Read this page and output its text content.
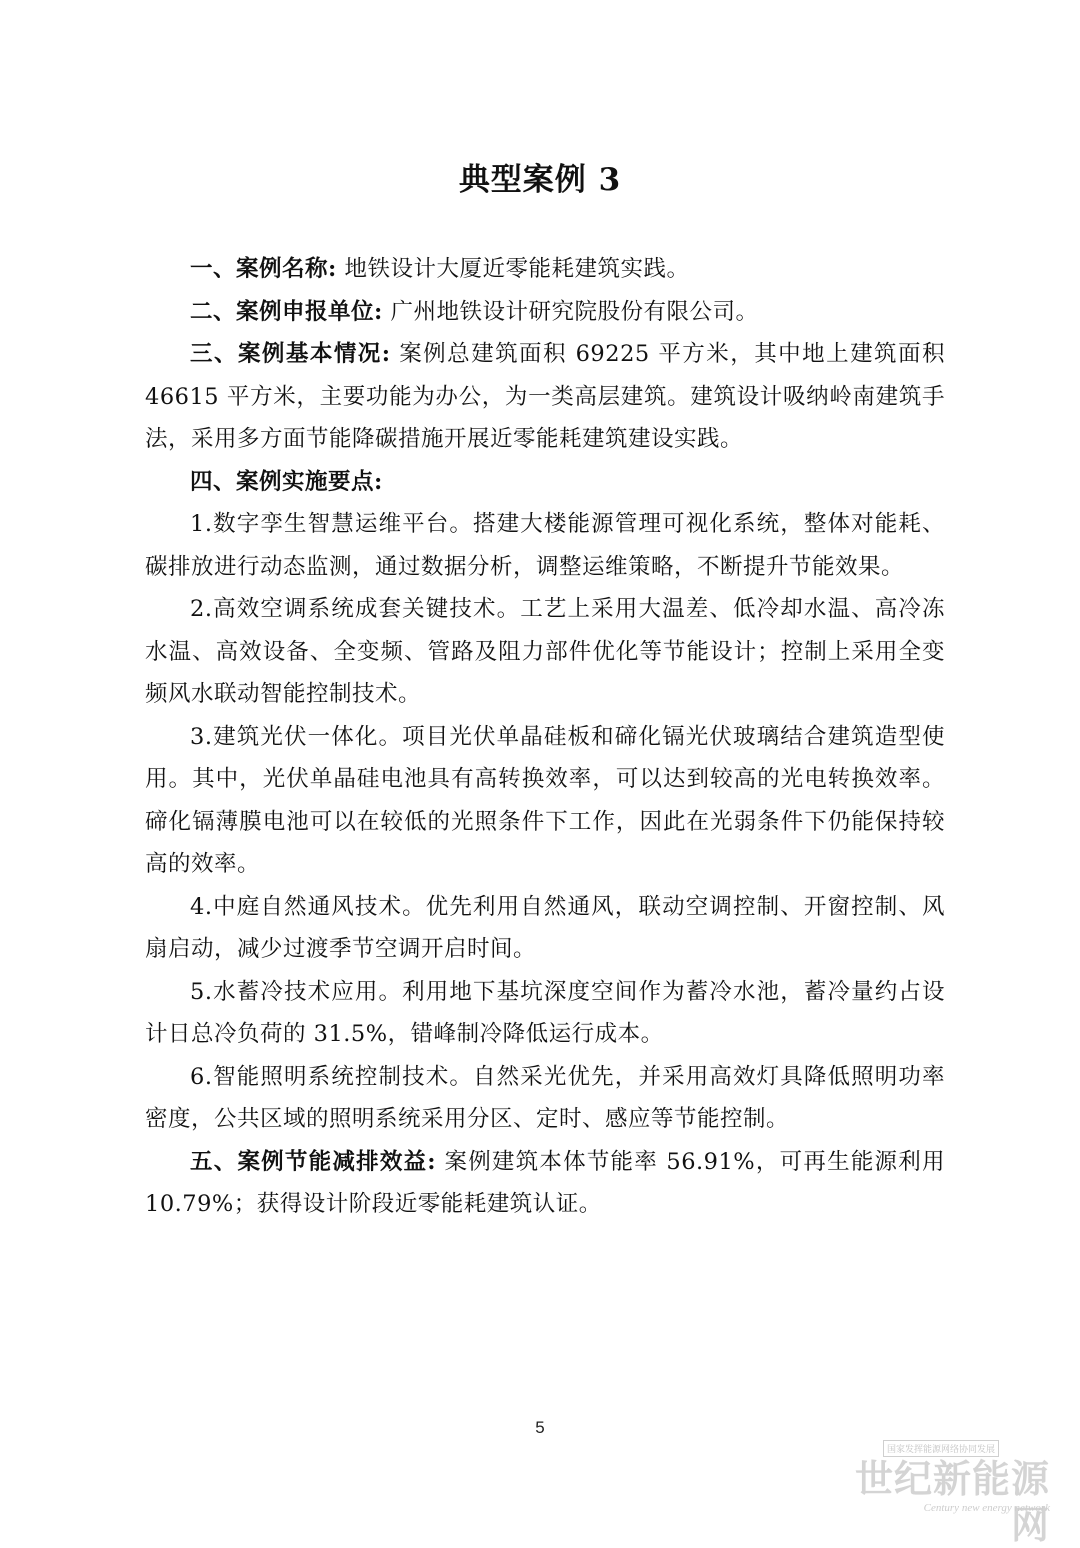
典型案例 3

一、案例名称: 地铁设计大厦近零能耗建筑实践。

二、案例申报单位: 广州地铁设计研究院股份有限公司。

三、案例基本情况: 案例总建筑面积 69225 平方米，其中地上建筑面积 46615 平方米，主要功能为办公，为一类高层建筑。建筑设计吸纳岭南建筑手法，采用多方面节能降碳措施开展近零能耗建筑建设实践。

四、案例实施要点:

1.数字孪生智慧运维平台。搭建大楼能源管理可视化系统，整体对能耗、碳排放进行动态监测，通过数据分析，调整运维策略，不断提升节能效果。

2.高效空调系统成套关键技术。工艺上采用大温差、低冷却水温、高冷冻水温、高效设备、全变频、管路及阻力部件优化等节能设计；控制上采用全变频风水联动智能控制技术。

3.建筑光伏一体化。项目光伏单晶硅板和碲化镉光伏玻璃结合建筑造型使用。其中，光伏单晶硅电池具有高转换效率，可以达到较高的光电转换效率。碲化镉薄膜电池可以在较低的光照条件下工作，因此在光弱条件下仍能保持较高的效率。

4.中庭自然通风技术。优先利用自然通风，联动空调控制、开窗控制、风扇启动，减少过渡季节空调开启时间。

5.水蓄冷技术应用。利用地下基坑深度空间作为蓄冷水池，蓄冷量约占设计日总冷负荷的 31.5%，错峰制冷降低运行成本。

6.智能照明系统控制技术。自然采光优先，并采用高效灯具降低照明功率密度，公共区域的照明系统采用分区、定时、感应等节能控制。

五、案例节能减排效益: 案例建筑本体节能率 56.91%，可再生能源利用 10.79%；获得设计阶段近零能耗建筑认证。

5
国家发挥能源网络协同发展
世纪新能源网
Century new energy network
